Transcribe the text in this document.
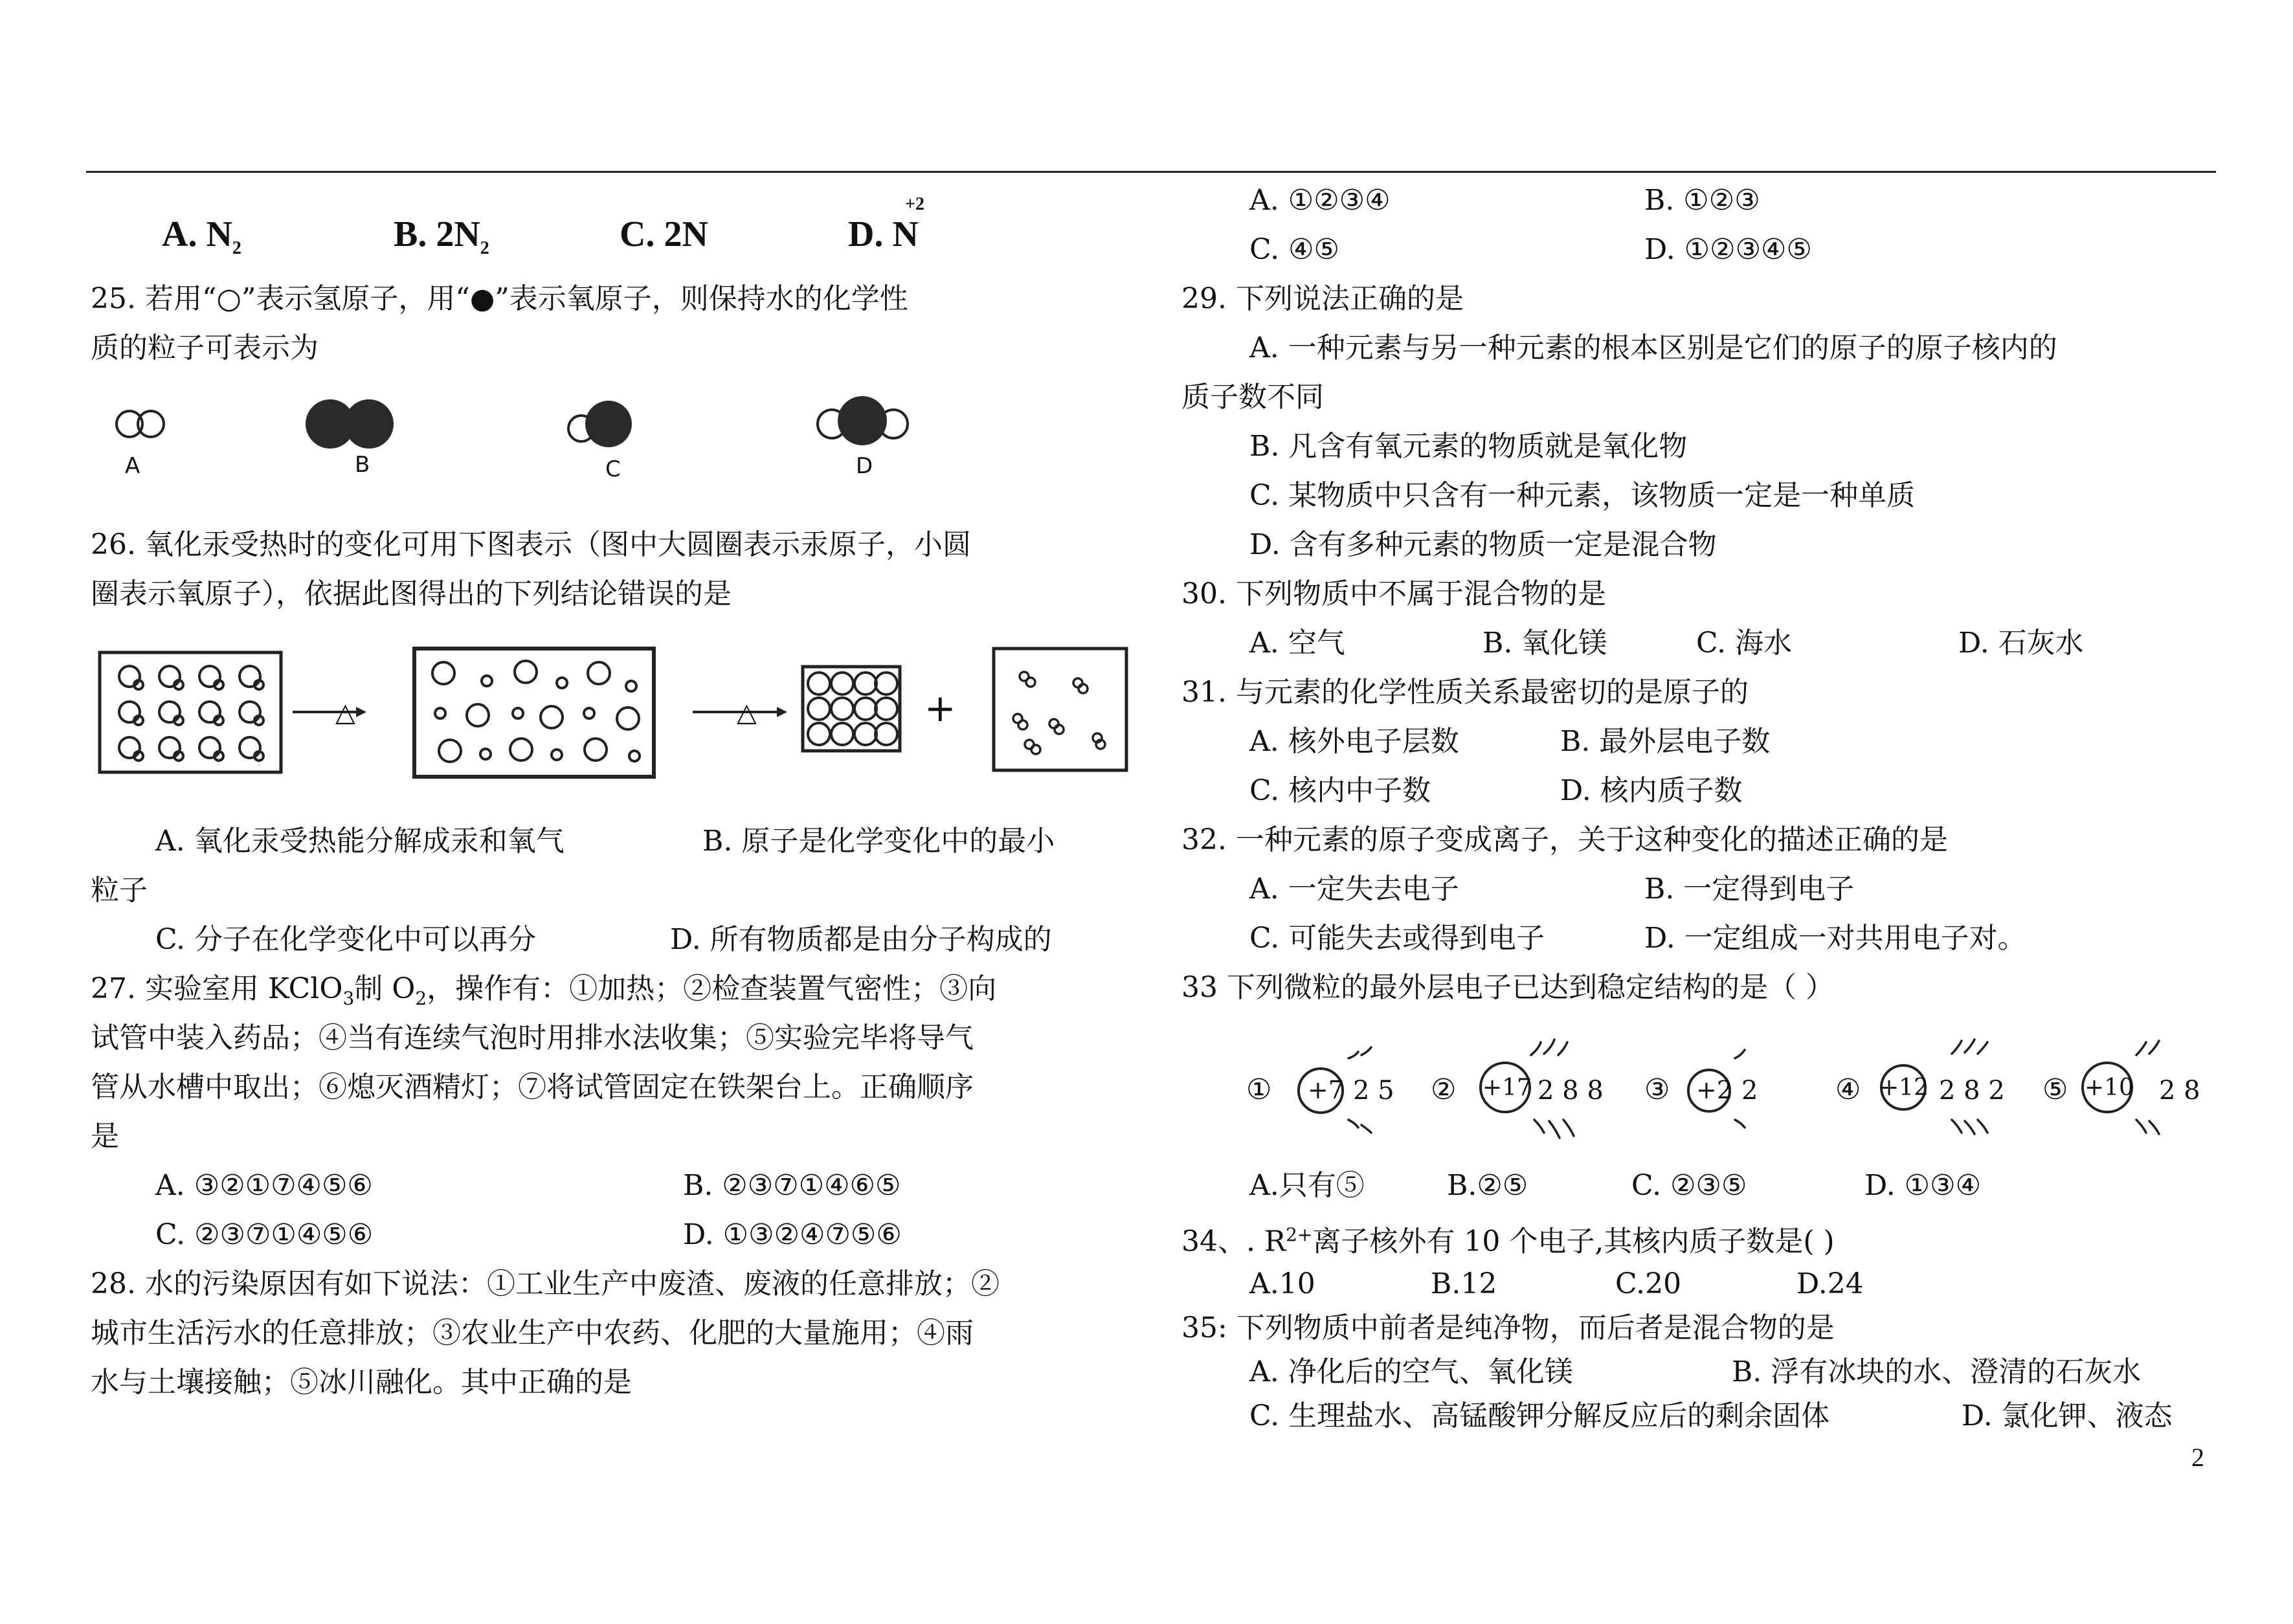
A. $N_2$	B. $2N_2$	C. 2N	D. N
+2
25. 若用“○”表示氢原子，用“●”表示氧原子，则保持水的化学性
质的粒子可表示为
A	B	C	D
26. 氧化汞受热时的变化可用下图表示（图中大圆圈表示汞原子，小圆
圈表示氧原子），依据此图得出的下列结论错误的是
△	△	+
A. 氧化汞受热能分解成汞和氧气	B. 原子是化学变化中的最小
粒子
C. 分子在化学变化中可以再分	D. 所有物质都是由分子构成的
27. 实验室用 KClO$_3$制 $O_2$，操作有：①加热；②检查装置气密性；③向
试管中装入药品；④当有连续气泡时用排水法收集；⑤实验完毕将导气
管从水槽中取出；⑥熄灭酒精灯；⑦将试管固定在铁架台上。正确顺序
是
A. ③②①⑦④⑤⑥	B. ②③⑦①④⑥⑤
C. ②③⑦①④⑤⑥	D. ①③②④⑦⑤⑥
28. 水的污染原因有如下说法：①工业生产中废渣、废液的任意排放；②
城市生活污水的任意排放；③农业生产中农药、化肥的大量施用；④雨
水与土壤接触；⑤冰川融化。其中正确的是
A. ①②③④	B. ①②③
C. ④⑤	D. ①②③④⑤
29. 下列说法正确的是
A. 一种元素与另一种元素的根本区别是它们的原子的原子核内的
质子数不同
B. 凡含有氧元素的物质就是氧化物
C. 某物质中只含有一种元素，该物质一定是一种单质
D. 含有多种元素的物质一定是混合物
30. 下列物质中不属于混合物的是
A. 空气	B. 氧化镁	C. 海水	D. 石灰水
31. 与元素的化学性质关系最密切的是原子的
A. 核外电子层数	B. 最外层电子数
C. 核内中子数	D. 核内质子数
32. 一种元素的原子变成离子，关于这种变化的描述正确的是
A. 一定失去电子	B. 一定得到电子
C. 可能失去或得到电子	D. 一定组成一对共用电子对。
33 下列微粒的最外层电子已达到稳定结构的是（ ）
① +7 2 5 ② +17 2 8 8 ③ +2 2	④ +12 2 8 2 ⑤ +10 2 8
A.只有⑤	B.②⑤	C. ②③⑤	D. ①③④
34、. $R^{2+}$离子核外有 10 个电子,其核内质子数是( )
A.10	B.12	C.20	D.24
35: 下列物质中前者是纯净物，而后者是混合物的是
A. 净化后的空气、氧化镁	B. 浮有冰块的水、澄清的石灰水
C. 生理盐水、高锰酸钾分解反应后的剩余固体	D. 氯化钾、液态
2
